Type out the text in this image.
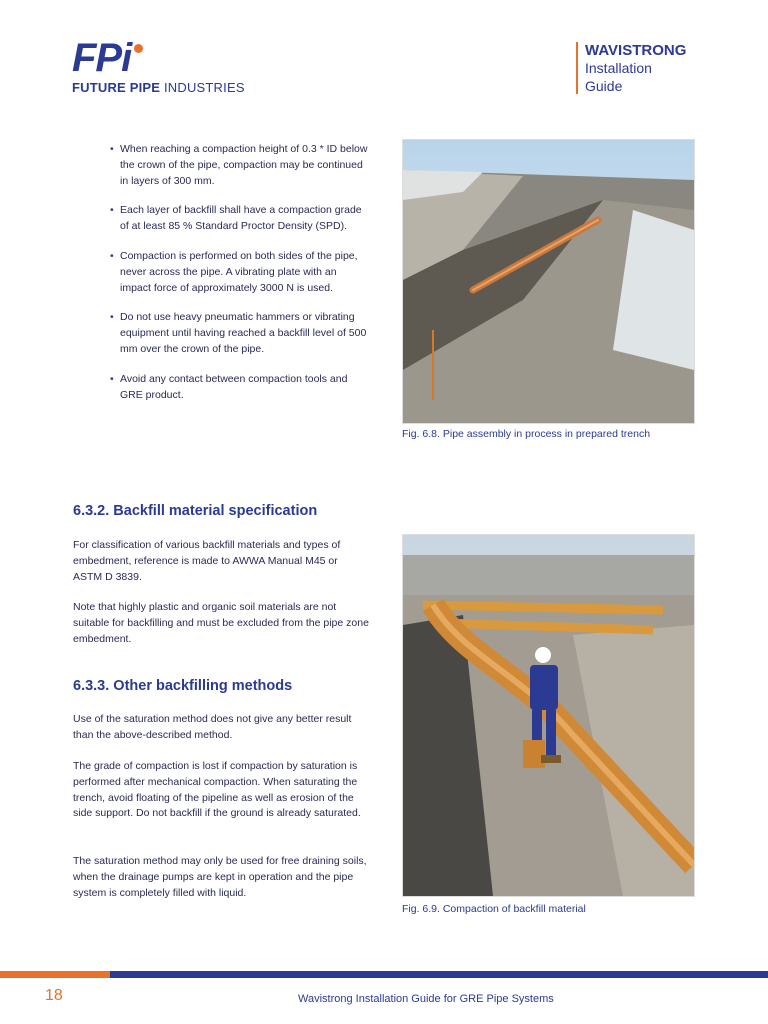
FPi
FUTURE PIPE INDUSTRIES
WAVISTRONG
Installation
Guide
• When reaching a compaction height of 0.3 * ID below the crown of the pipe, compaction may be continued in layers of 300 mm.
• Each layer of backfill shall have a compaction grade of at least 85 % Standard Proctor Density (SPD).
• Compaction is performed on both sides of the pipe, never across the pipe. A vibrating plate with an impact force of approximately 3000 N is used.
• Do not use heavy pneumatic hammers or vibrating equipment until having reached a backfill level of 500 mm over the crown of the pipe.
• Avoid any contact between compaction tools and GRE product.
6.3.2. Backfill material specification

For classification of various backfill materials and types of embedment, reference is made to AWWA Manual M45 or ASTM D 3839.

Note that highly plastic and organic soil materials are not suitable for backfilling and must be excluded from the pipe zone embedment.

6.3.3. Other backfilling methods

Use of the saturation method does not give any better result than the above-described method.

The grade of compaction is lost if compaction by saturation is performed after mechanical compaction. When saturating the trench, avoid floating of the pipeline as well as erosion of the side support. Do not backfill if the ground is already saturated.

The saturation method may only be used for free draining soils, when the drainage pumps are kept in operation and the pipe system is completely filled with liquid.

Fig. 6.8. Pipe assembly in process in prepared trench
Fig. 6.9. Compaction of backfill material
18	Wavistrong Installation Guide for GRE Pipe Systems
